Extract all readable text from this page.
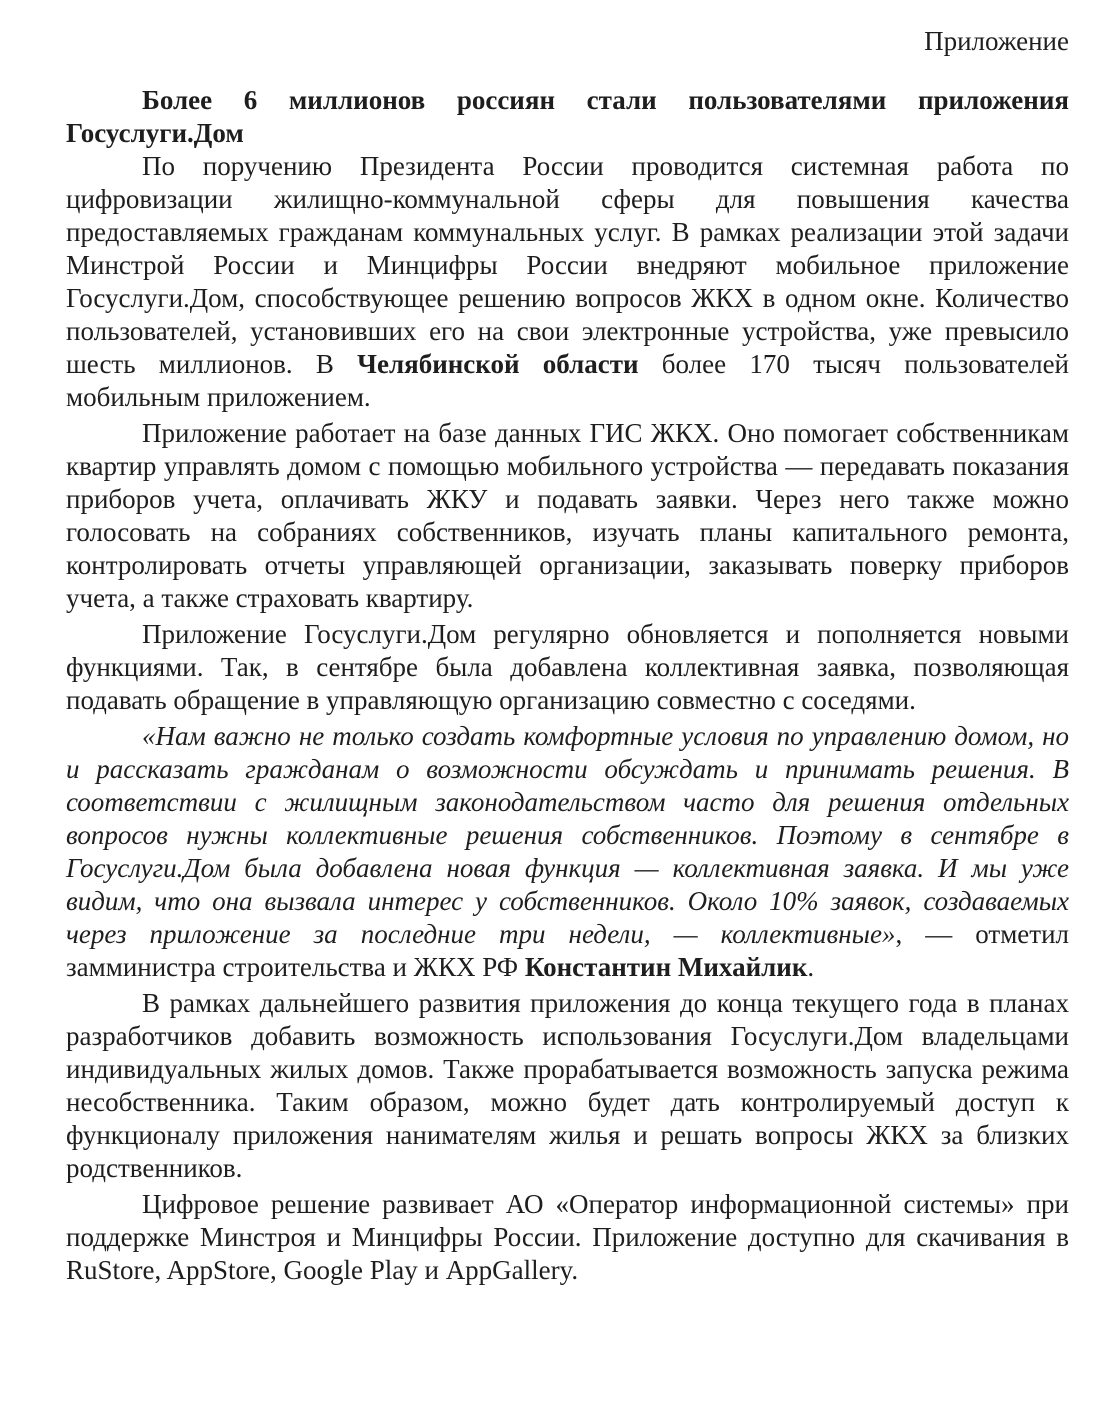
Приложение
Более 6 миллионов россиян стали пользователями приложения Госуслуги.Дом

По поручению Президента России проводится системная работа по цифровизации жилищно-коммунальной сферы для повышения качества предоставляемых гражданам коммунальных услуг. В рамках реализации этой задачи Минстрой России и Минцифры России внедряют мобильное приложение Госуслуги.Дом, способствующее решению вопросов ЖКХ в одном окне. Количество пользователей, установивших его на свои электронные устройства, уже превысило шесть миллионов. В Челябинской области более 170 тысяч пользователей мобильным приложением.

Приложение работает на базе данных ГИС ЖКХ. Оно помогает собственникам квартир управлять домом с помощью мобильного устройства — передавать показания приборов учета, оплачивать ЖКУ и подавать заявки. Через него также можно голосовать на собраниях собственников, изучать планы капитального ремонта, контролировать отчеты управляющей организации, заказывать поверку приборов учета, а также страховать квартиру.

Приложение Госуслуги.Дом регулярно обновляется и пополняется новыми функциями. Так, в сентябре была добавлена коллективная заявка, позволяющая подавать обращение в управляющую организацию совместно с соседями.

«Нам важно не только создать комфортные условия по управлению домом, но и рассказать гражданам о возможности обсуждать и принимать решения. В соответствии с жилищным законодательством часто для решения отдельных вопросов нужны коллективные решения собственников. Поэтому в сентябре в Госуслуги.Дом была добавлена новая функция — коллективная заявка. И мы уже видим, что она вызвала интерес у собственников. Около 10% заявок, создаваемых через приложение за последние три недели, — коллективные», — отметил замминистра строительства и ЖКХ РФ Константин Михайлик.

В рамках дальнейшего развития приложения до конца текущего года в планах разработчиков добавить возможность использования Госуслуги.Дом владельцами индивидуальных жилых домов. Также прорабатывается возможность запуска режима несобственника. Таким образом, можно будет дать контролируемый доступ к функционалу приложения нанимателям жилья и решать вопросы ЖКХ за близких родственников.

Цифровое решение развивает АО «Оператор информационной системы» при поддержке Минстроя и Минцифры России. Приложение доступно для скачивания в RuStore, AppStore, Google Play и AppGallery.
